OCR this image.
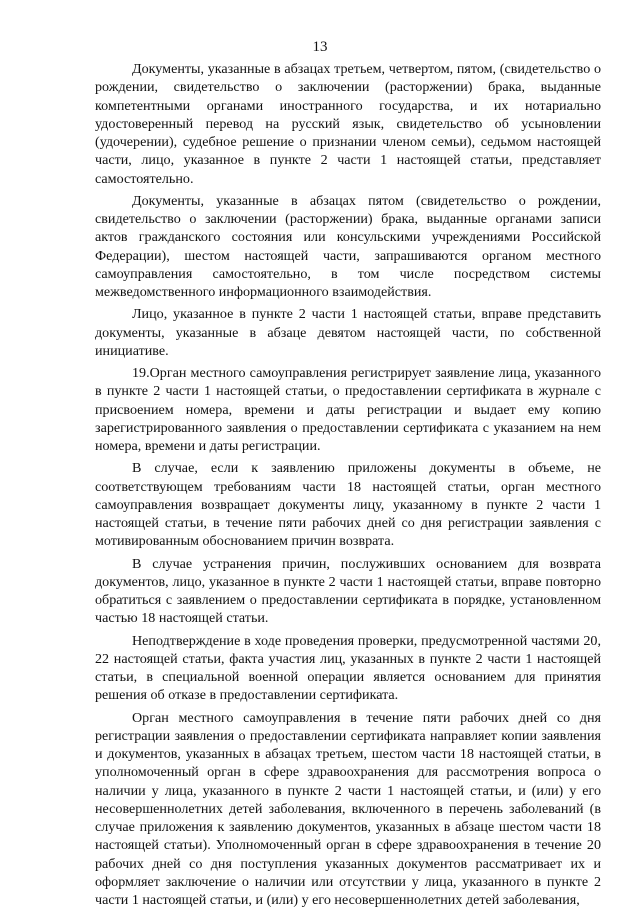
13

Документы, указанные в абзацах третьем, четвертом, пятом, (свидетельство о рождении, свидетельство о заключении (расторжении) брака, выданные компетентными органами иностранного государства, и их нотариально удостоверенный перевод на русский язык, свидетельство об усыновлении (удочерении), судебное решение о признании членом семьи), седьмом настоящей части, лицо, указанное в пункте 2 части 1 настоящей статьи, представляет самостоятельно.

Документы, указанные в абзацах пятом (свидетельство о рождении, свидетельство о заключении (расторжении) брака, выданные органами записи актов гражданского состояния или консульскими учреждениями Российской Федерации), шестом настоящей части, запрашиваются органом местного самоуправления самостоятельно, в том числе посредством системы межведомственного информационного взаимодействия.

Лицо, указанное в пункте 2 части 1 настоящей статьи, вправе представить документы, указанные в абзаце девятом настоящей части, по собственной инициативе.

19.Орган местного самоуправления регистрирует заявление лица, указанного в пункте 2 части 1 настоящей статьи, о предоставлении сертификата в журнале с присвоением номера, времени и даты регистрации и выдает ему копию зарегистрированного заявления о предоставлении сертификата с указанием на нем номера, времени и даты регистрации.

В случае, если к заявлению приложены документы в объеме, не соответствующем требованиям части 18 настоящей статьи, орган местного самоуправления возвращает документы лицу, указанному в пункте 2 части 1 настоящей статьи, в течение пяти рабочих дней со дня регистрации заявления с мотивированным обоснованием причин возврата.

В случае устранения причин, послуживших основанием для возврата документов, лицо, указанное в пункте 2 части 1 настоящей статьи, вправе повторно обратиться с заявлением о предоставлении сертификата в порядке, установленном частью 18 настоящей статьи.

Неподтверждение в ходе проведения проверки, предусмотренной частями 20, 22 настоящей статьи, факта участия лиц, указанных в пункте 2 части 1 настоящей статьи, в специальной военной операции является основанием для принятия решения об отказе в предоставлении сертификата.

Орган местного самоуправления в течение пяти рабочих дней со дня регистрации заявления о предоставлении сертификата направляет копии заявления и документов, указанных в абзацах третьем, шестом части 18 настоящей статьи, в уполномоченный орган в сфере здравоохранения для рассмотрения вопроса о наличии у лица, указанного в пункте 2 части 1 настоящей статьи, и (или) у его несовершеннолетних детей заболевания, включенного в перечень заболеваний (в случае приложения к заявлению документов, указанных в абзаце шестом части 18 настоящей статьи). Уполномоченный орган в сфере здравоохранения в течение 20 рабочих дней со дня поступления указанных документов рассматривает их и оформляет заключение о наличии или отсутствии у лица, указанного в пункте 2 части 1 настоящей статьи, и (или) у его несовершеннолетних детей заболевания,
